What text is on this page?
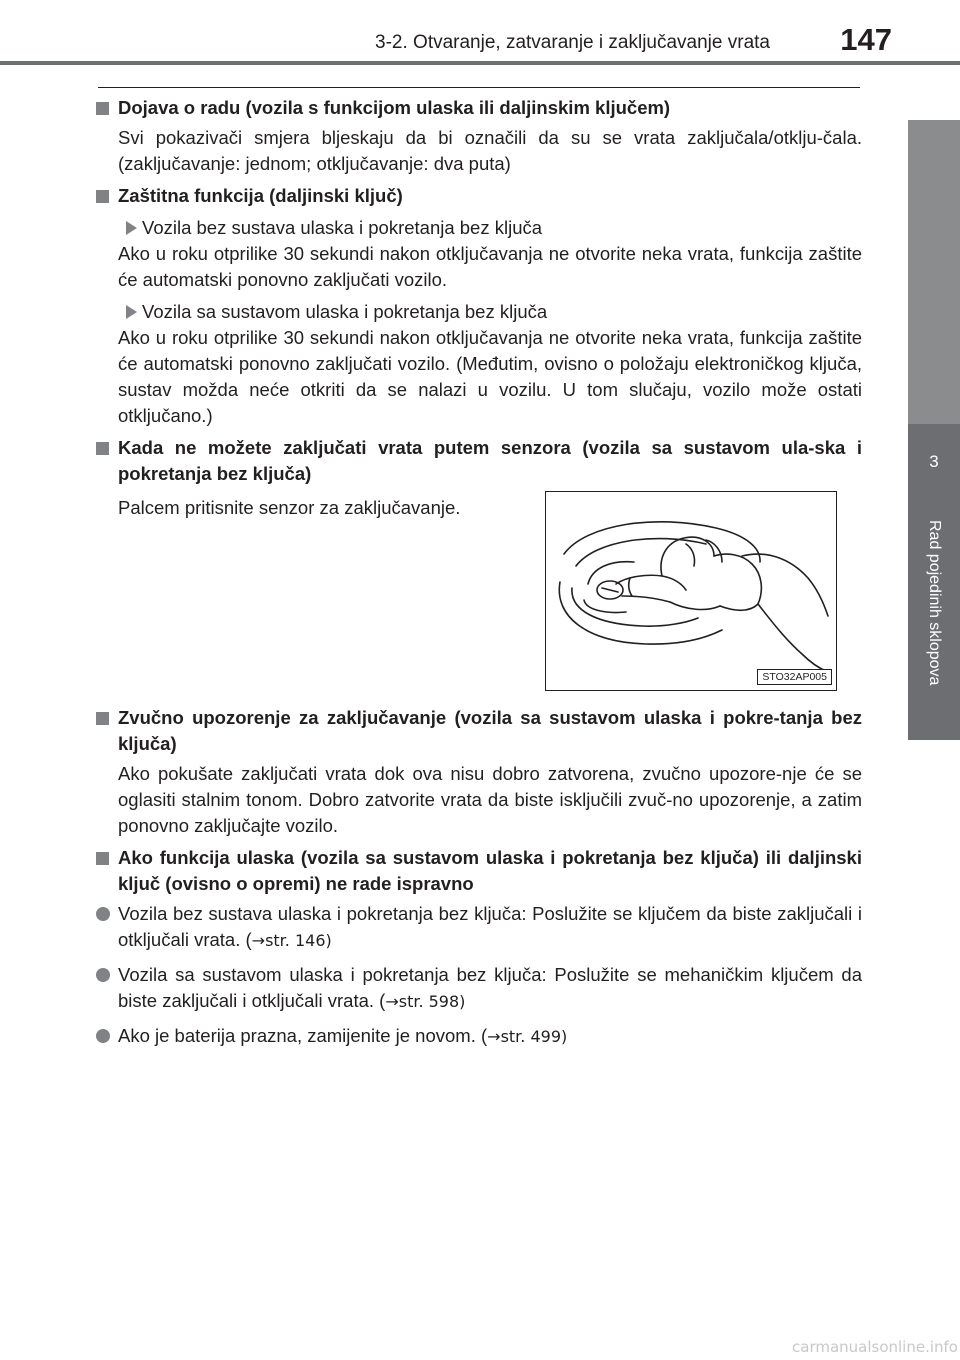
3-2. Otvaranje, zatvaranje i zaključavanje vrata 147
3
Rad pojedinih sklopova
Dojava o radu (vozila s funkcijom ulaska ili daljinskim ključem)
Svi pokazivači smjera bljeskaju da bi označili da su se vrata zaključala/otklju-čala. (zaključavanje: jednom; otključavanje: dva puta)
Zaštitna funkcija (daljinski ključ)
Vozila bez sustava ulaska i pokretanja bez ključa
Ako u roku otprilike 30 sekundi nakon otključavanja ne otvorite neka vrata, funkcija zaštite će automatski ponovno zaključati vozilo.
Vozila sa sustavom ulaska i pokretanja bez ključa
Ako u roku otprilike 30 sekundi nakon otključavanja ne otvorite neka vrata, funkcija zaštite će automatski ponovno zaključati vozilo. (Međutim, ovisno o položaju elektroničkog ključa, sustav možda neće otkriti da se nalazi u vozilu. U tom slučaju, vozilo može ostati otključano.)
Kada ne možete zaključati vrata putem senzora (vozila sa sustavom ula-ska i pokretanja bez ključa)
Palcem pritisnite senzor za zaključavanje.
STO32AP005
Zvučno upozorenje za zaključavanje (vozila sa sustavom ulaska i pokre-tanja bez ključa)
Ako pokušate zaključati vrata dok ova nisu dobro zatvorena, zvučno upozore-nje će se oglasiti stalnim tonom. Dobro zatvorite vrata da biste isključili zvuč-no upozorenje, a zatim ponovno zaključajte vozilo.
Ako funkcija ulaska (vozila sa sustavom ulaska i pokretanja bez ključa) ili daljinski ključ (ovisno o opremi) ne rade ispravno
Vozila bez sustava ulaska i pokretanja bez ključa: Poslužite se ključem da biste zaključali i otključali vrata. (→str. 146)
Vozila sa sustavom ulaska i pokretanja bez ključa: Poslužite se mehaničkim ključem da biste zaključali i otključali vrata. (→str. 598)
Ako je baterija prazna, zamijenite je novom. (→str. 499)
carmanualsonline.info
